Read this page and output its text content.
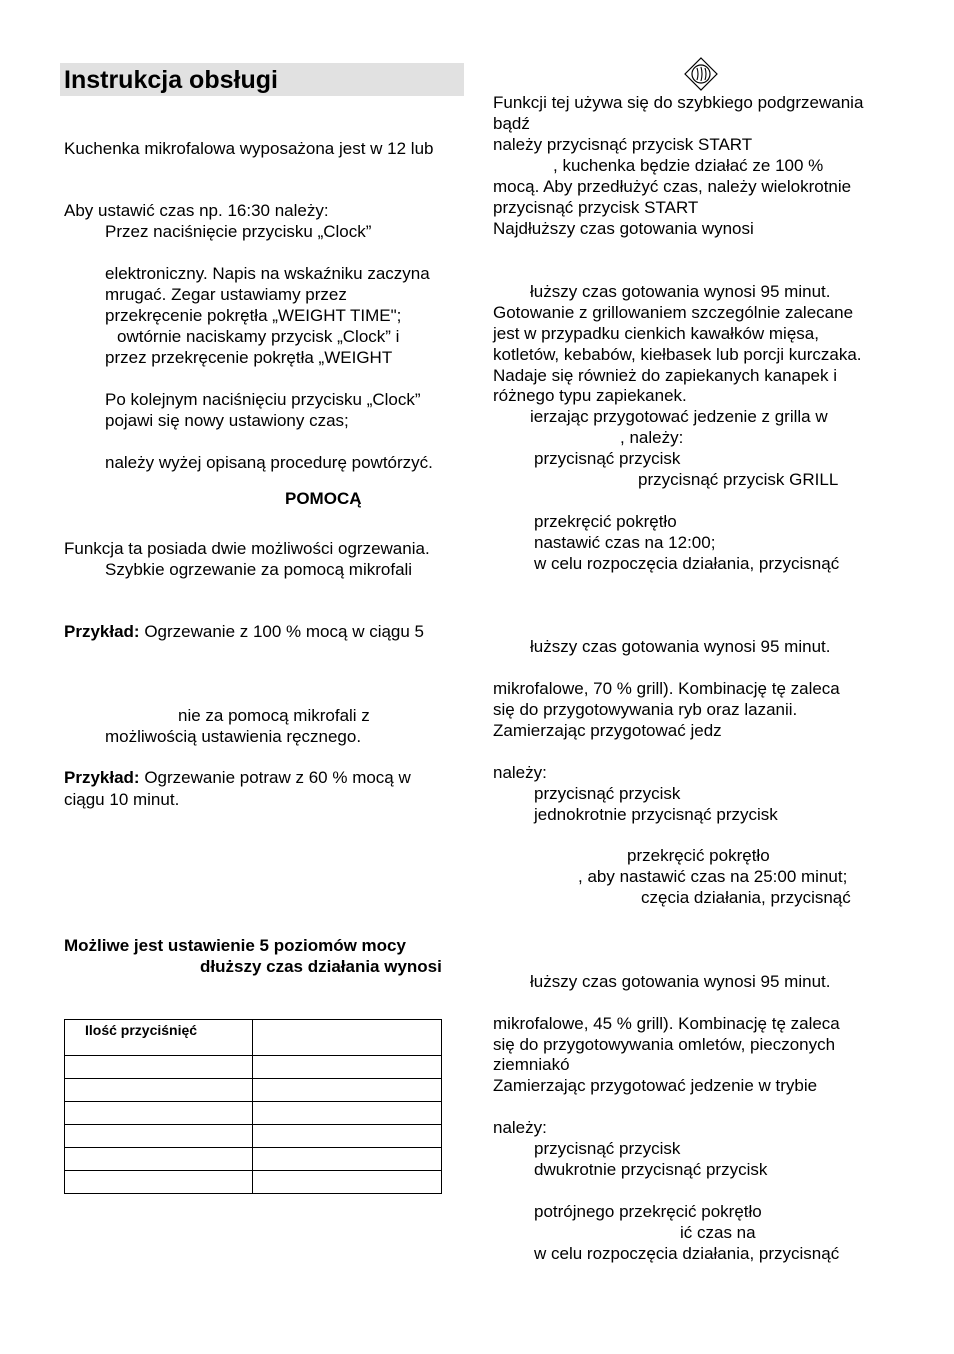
Instrukcja obsługi
Kuchenka mikrofalowa wyposażona jest w 12 lub
Aby ustawić czas np. 16:30 należy:
Przez naciśnięcie przycisku „Clock”
elektroniczny. Napis na wskaźniku zaczyna
mrugać. Zegar ustawiamy przez
przekręcenie pokrętła „WEIGHT TIME";
owtórnie naciskamy przycisk „Clock” i
przez przekręcenie pokrętła „WEIGHT
Po kolejnym naciśnięciu przycisku „Clock”
pojawi się nowy ustawiony czas;
należy wyżej opisaną procedurę powtórzyć.
POMOCĄ
Funkcja ta posiada dwie możliwości ogrzewania.
Szybkie ogrzewanie za pomocą mikrofali
Przykład: Ogrzewanie z 100 % mocą w ciągu 5
nie za pomocą mikrofali z
możliwością ustawienia ręcznego.
Przykład: Ogrzewanie potraw z 60 % mocą w
ciągu 10 minut.
Możliwe jest ustawienie 5 poziomów mocy
dłuższy czas działania wynosi
Ilość przyciśnięć	

Funkcji tej używa się do szybkiego podgrzewania
bądź
należy przycisnąć przycisk START
, kuchenka będzie działać ze 100 %
mocą. Aby przedłużyć czas, należy wielokrotnie
przycisnąć przycisk START
Najdłuższy czas gotowania wynosi
łuższy czas gotowania wynosi 95 minut.
Gotowanie z grillowaniem szczególnie zalecane
jest w przypadku cienkich kawałków mięsa,
kotletów, kebabów, kiełbasek lub porcji kurczaka.
Nadaje się również do zapiekanych kanapek i
różnego typu zapiekanek.
ierzając przygotować jedzenie z grilla w
, należy:
przycisnąć przycisk
przycisnąć przycisk GRILL
przekręcić pokrętło
nastawić czas na 12:00;
w celu rozpoczęcia działania, przycisnąć
łuższy czas gotowania wynosi 95 minut.
mikrofalowe, 70 % grill). Kombinację tę zaleca
się do przygotowywania ryb oraz lazanii.
Zamierzając przygotować jedz
należy:
przycisnąć przycisk
jednokrotnie przycisnąć przycisk
przekręcić pokrętło
, aby nastawić czas na 25:00 minut;
częcia działania, przycisnąć
łuższy czas gotowania wynosi 95 minut.
mikrofalowe, 45 % grill). Kombinację tę zaleca
się do przygotowywania omletów, pieczonych
ziemniakó
Zamierzając przygotować jedzenie w trybie
należy:
przycisnąć przycisk
dwukrotnie przycisnąć przycisk
potrójnego przekręcić pokrętło
ić czas na
w celu rozpoczęcia działania, przycisnąć
